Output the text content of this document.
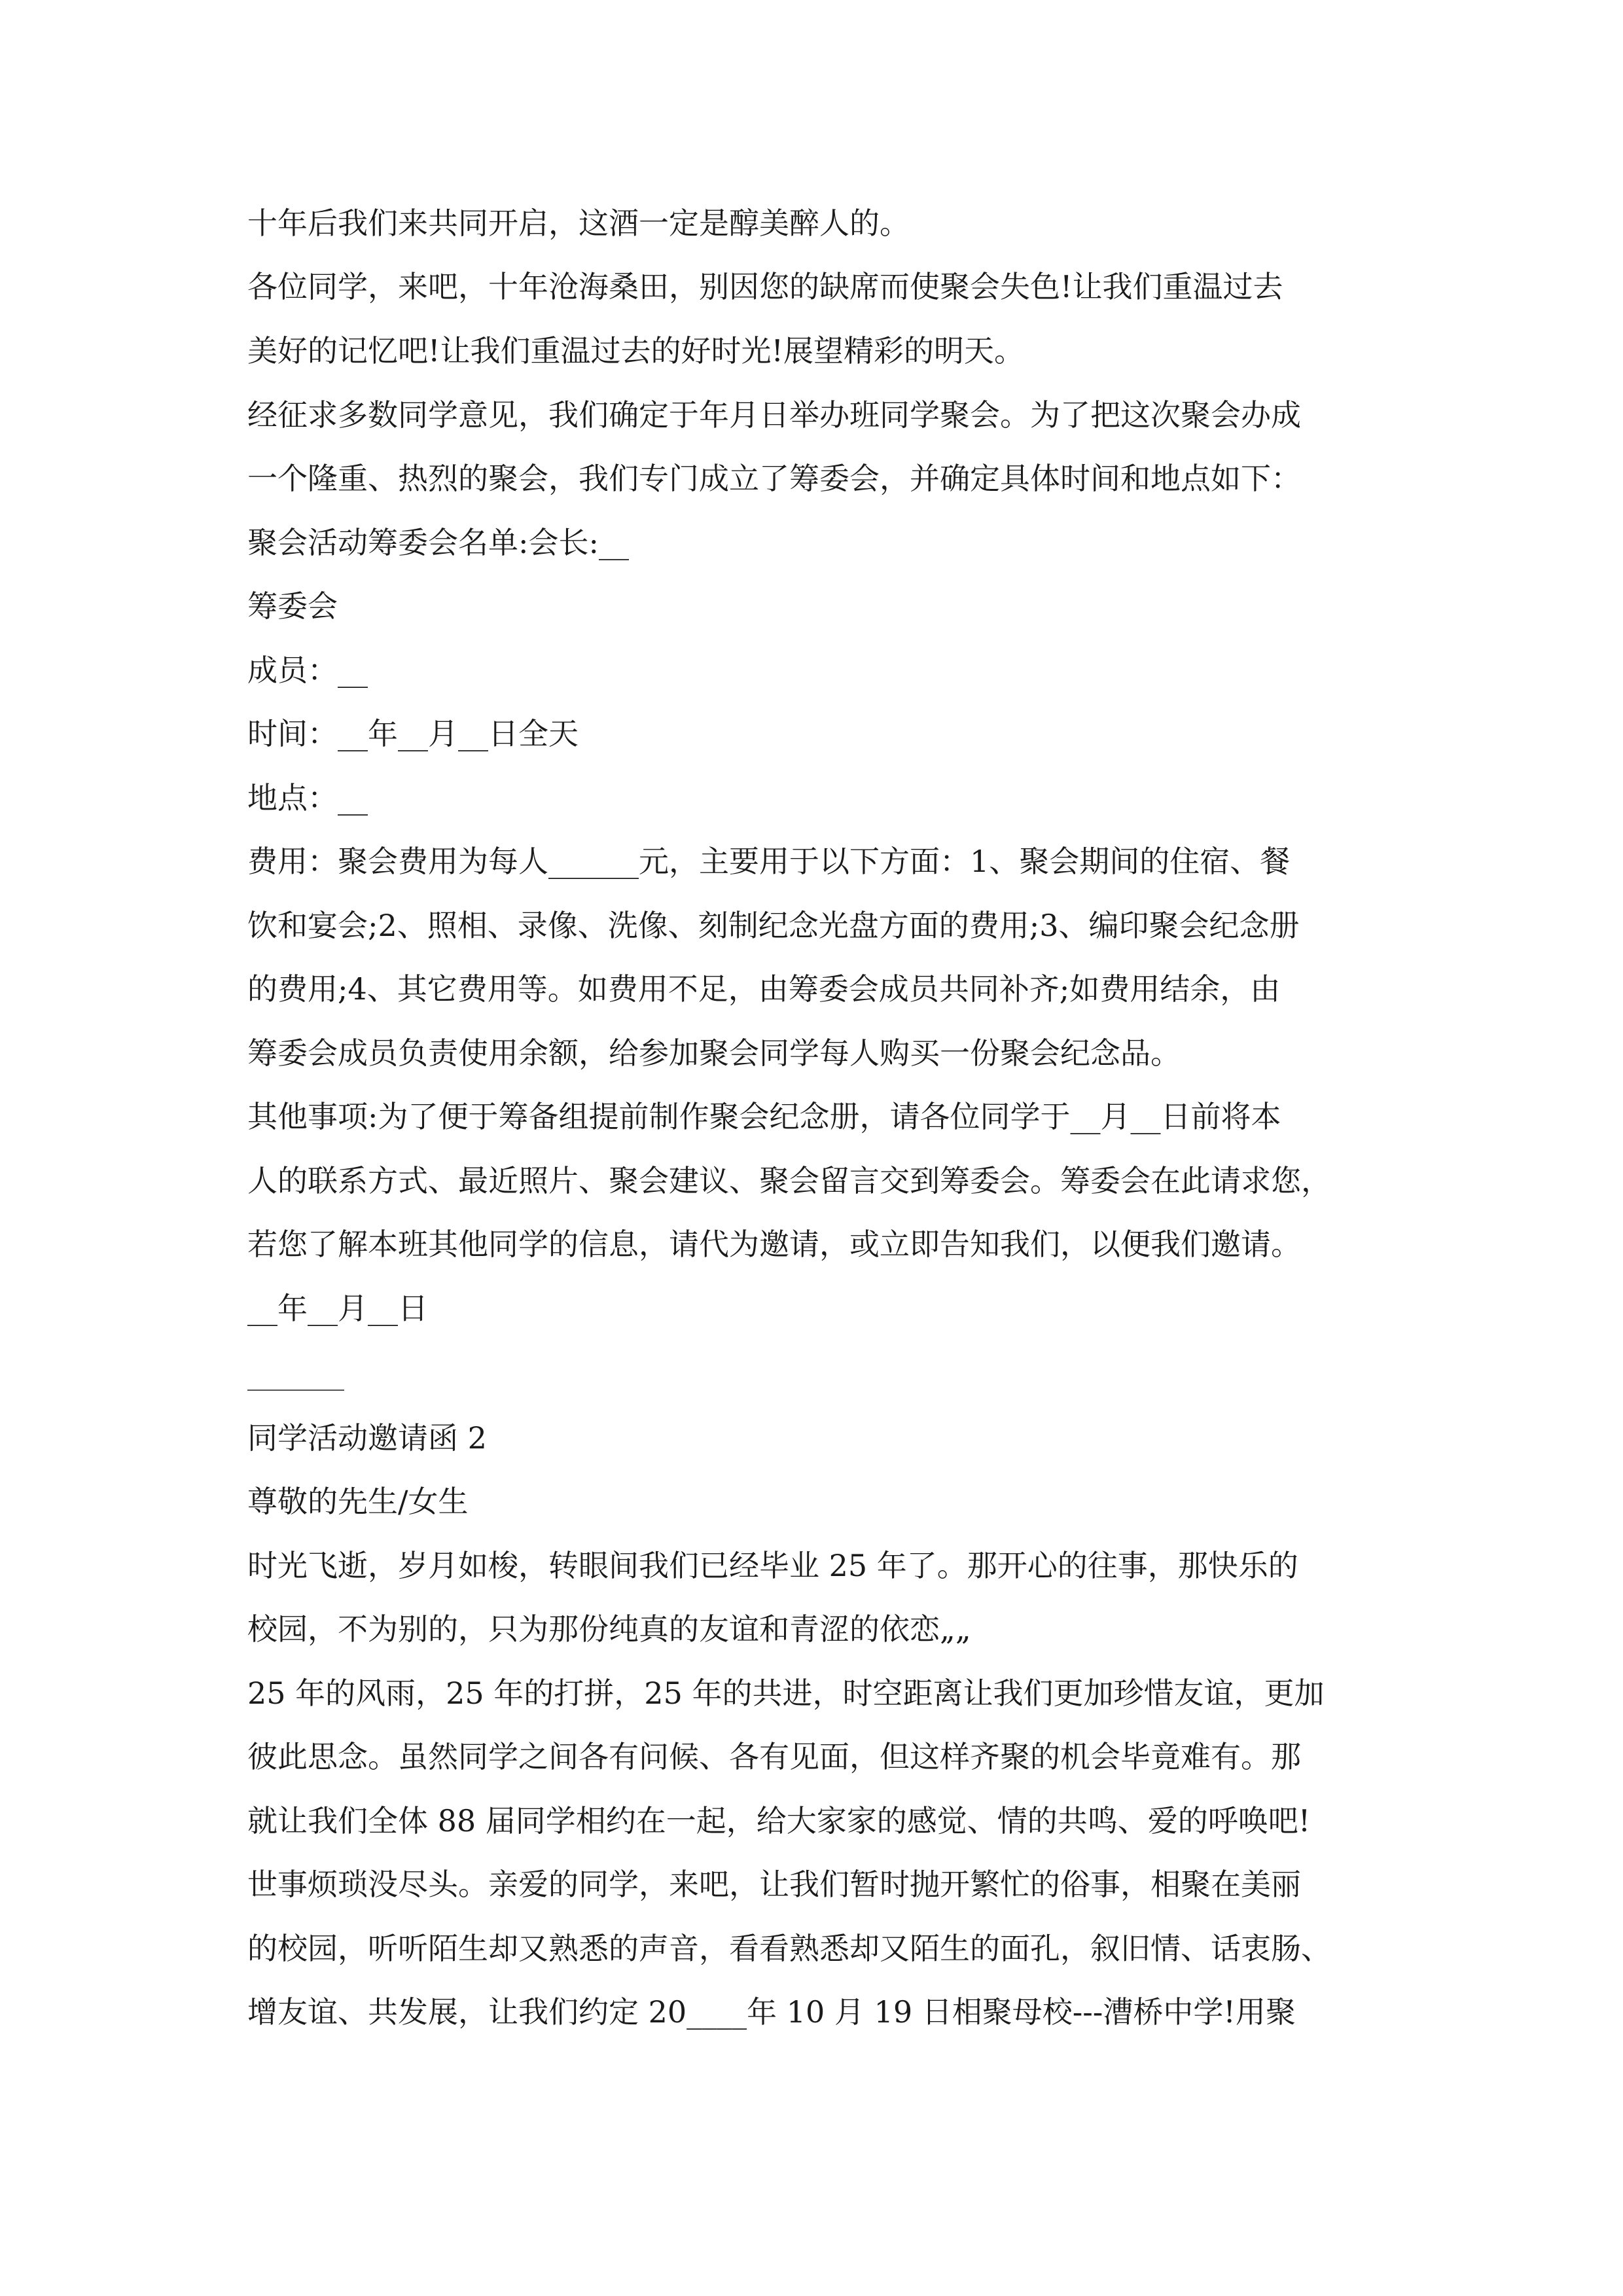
十年后我们来共同开启，这酒一定是醇美醉人的。
各位同学，来吧，十年沧海桑田，别因您的缺席而使聚会失色!让我们重温过去
美好的记忆吧!让我们重温过去的好时光!展望精彩的明天。
经征求多数同学意见，我们确定于年月日举办班同学聚会。为了把这次聚会办成
一个隆重、热烈的聚会，我们专门成立了筹委会，并确定具体时间和地点如下：
聚会活动筹委会名单:会长:__
筹委会
成员：__
时间：__年__月__日全天
地点：__
费用：聚会费用为每人______元，主要用于以下方面：1、聚会期间的住宿、餐
饮和宴会;2、照相、录像、洗像、刻制纪念光盘方面的费用;3、编印聚会纪念册
的费用;4、其它费用等。如费用不足，由筹委会成员共同补齐;如费用结余，由
筹委会成员负责使用余额，给参加聚会同学每人购买一份聚会纪念品。
其他事项:为了便于筹备组提前制作聚会纪念册，请各位同学于__月__日前将本
人的联系方式、最近照片、聚会建议、聚会留言交到筹委会。筹委会在此请求您，
若您了解本班其他同学的信息，请代为邀请，或立即告知我们，以便我们邀请。
__年__月__日
同学活动邀请函 2
尊敬的先生/女生
时光飞逝，岁月如梭，转眼间我们已经毕业 25 年了。那开心的往事，那快乐的
校园，不为别的，只为那份纯真的友谊和青涩的依恋„„
25 年的风雨，25 年的打拼，25 年的共进，时空距离让我们更加珍惜友谊，更加
彼此思念。虽然同学之间各有问候、各有见面，但这样齐聚的机会毕竟难有。那
就让我们全体 88 届同学相约在一起，给大家家的感觉、情的共鸣、爱的呼唤吧!
世事烦琐没尽头。亲爱的同学，来吧，让我们暂时抛开繁忙的俗事，相聚在美丽
的校园，听听陌生却又熟悉的声音，看看熟悉却又陌生的面孔，叙旧情、话衷肠、
增友谊、共发展，让我们约定 20____年 10 月 19 日相聚母校---漕桥中学!用聚
